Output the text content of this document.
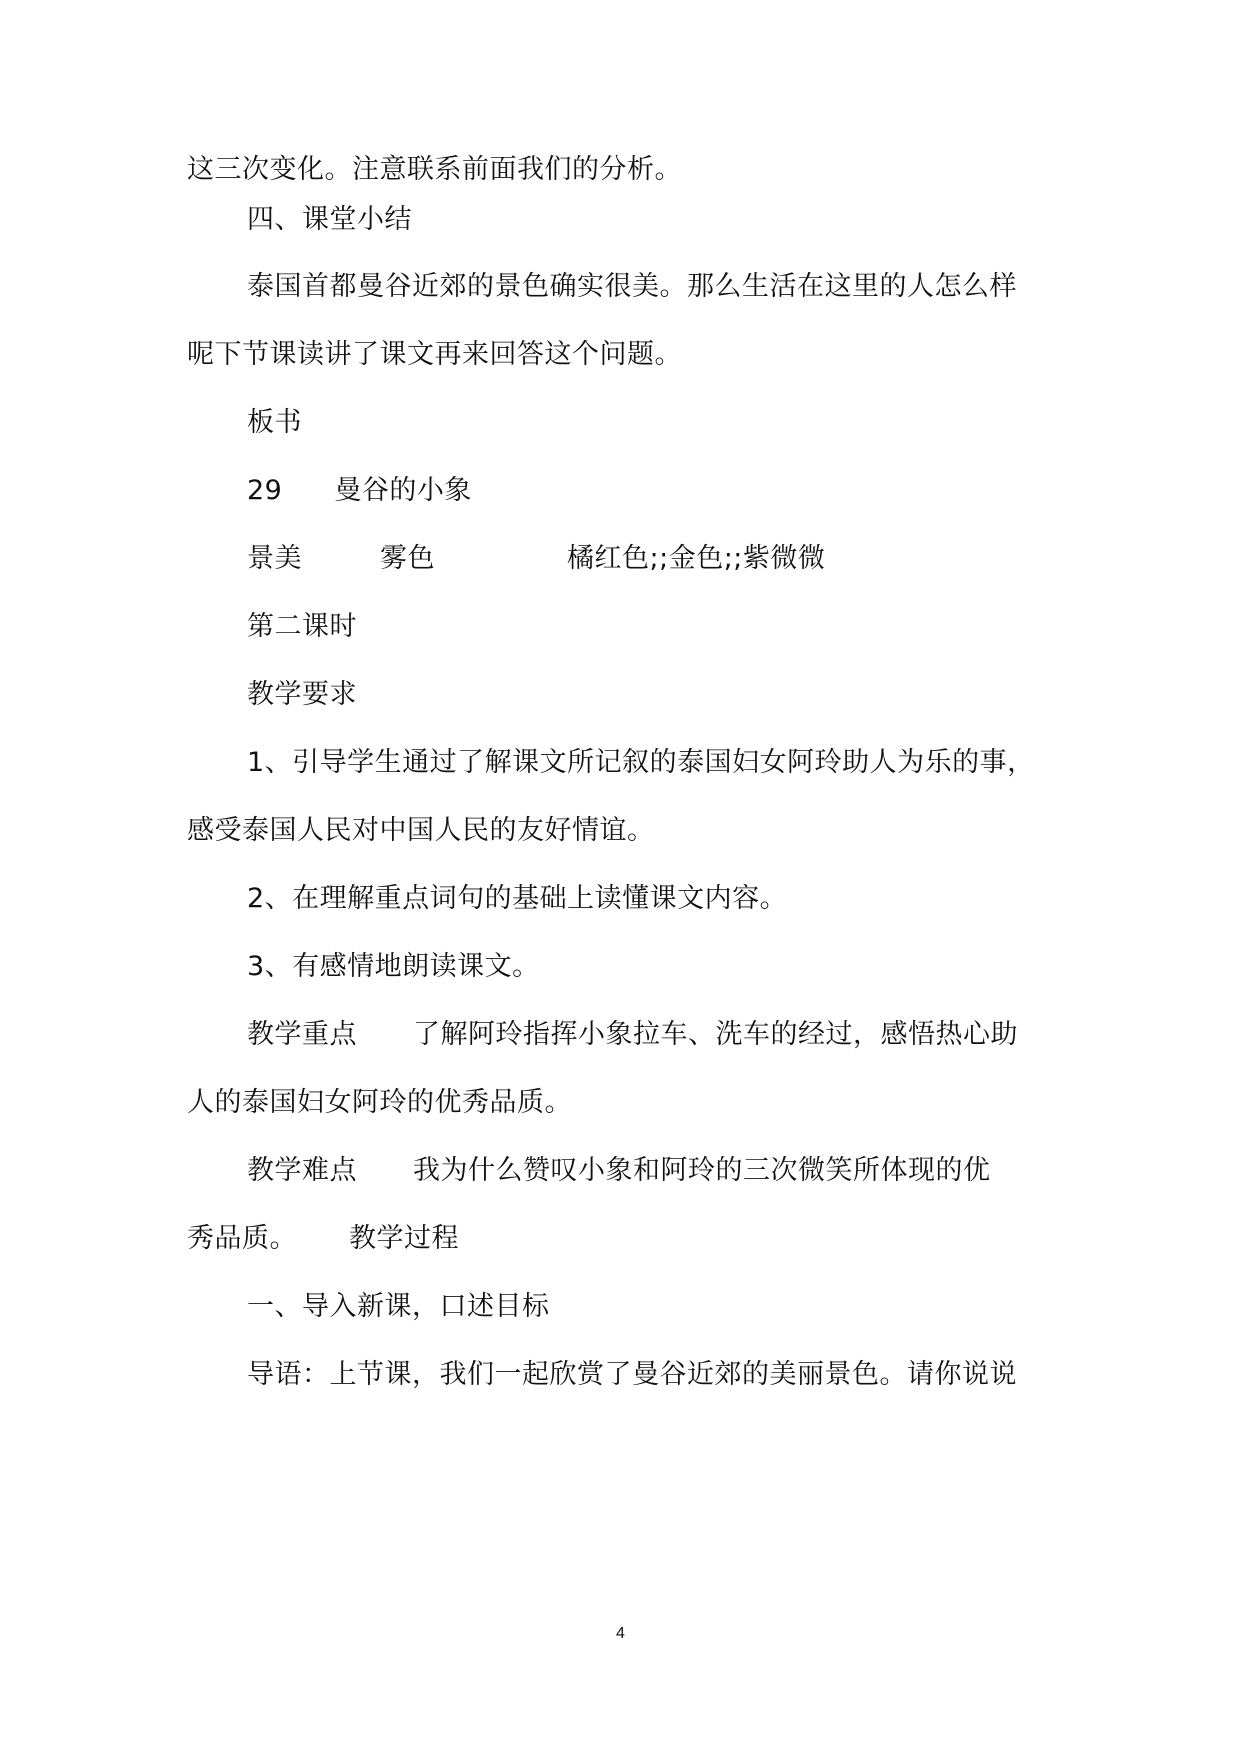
这三次变化。注意联系前面我们的分析。
四、课堂小结
泰国首都曼谷近郊的景色确实很美。那么生活在这里的人怎么样
呢下节课读讲了课文再来回答这个问题。
板书
29 曼谷的小象
景美	雾色	橘红色;;金色;;紫微微
第二课时
教学要求
1、引导学生通过了解课文所记叙的泰国妇女阿玲助人为乐的事，
感受泰国人民对中国人民的友好情谊。
2、在理解重点词句的基础上读懂课文内容。
3、有感情地朗读课文。
教学重点 了解阿玲指挥小象拉车、洗车的经过，感悟热心助
人的泰国妇女阿玲的优秀品质。
教学难点 我为什么赞叹小象和阿玲的三次微笑所体现的优
秀品质。 教学过程
一、导入新课，口述目标
导语：上节课，我们一起欣赏了曼谷近郊的美丽景色。请你说说
4
